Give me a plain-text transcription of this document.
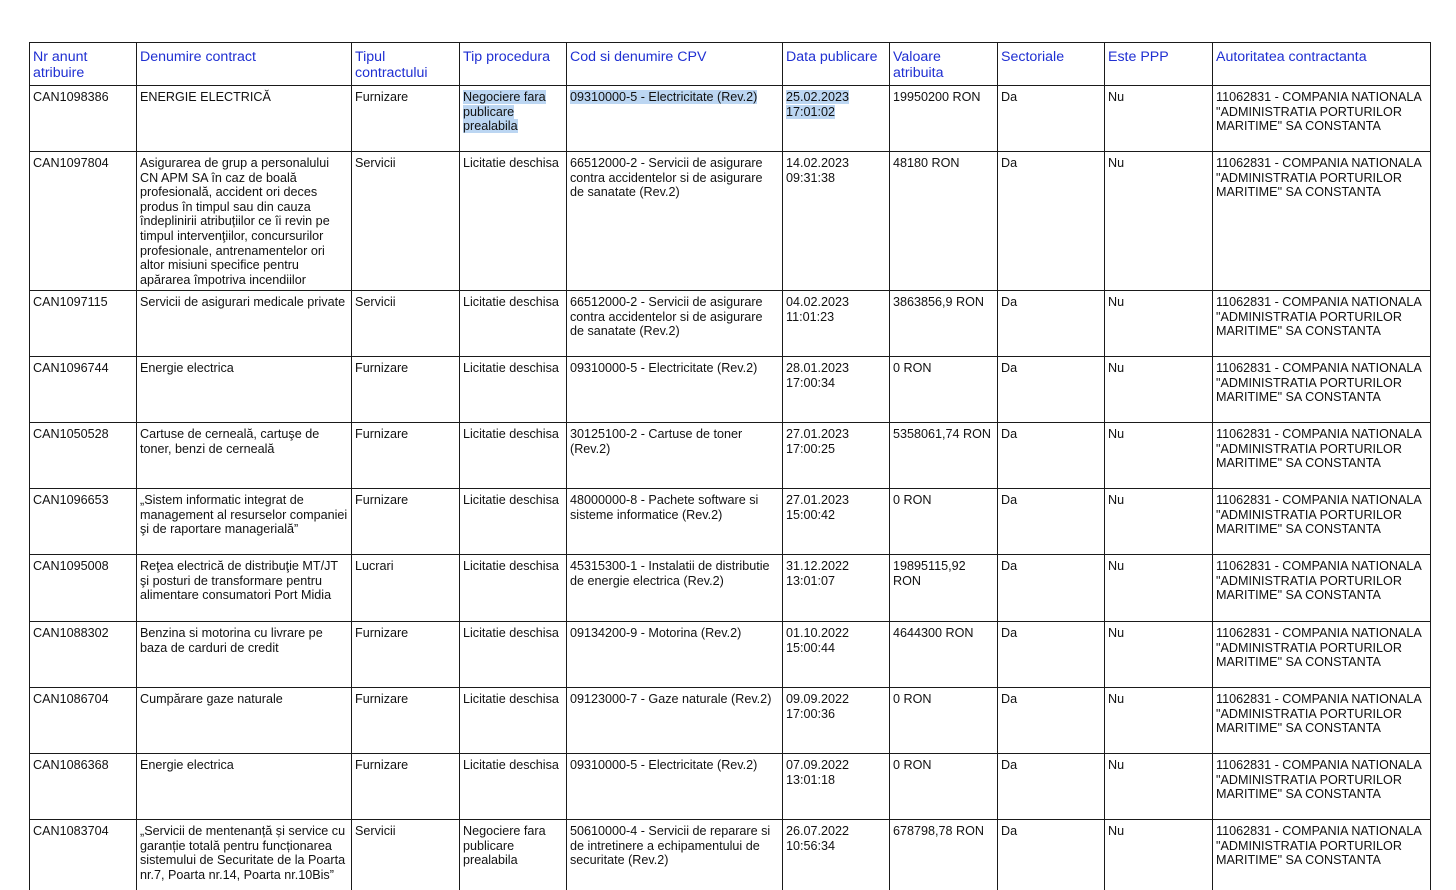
Nr anunt atribuire	Denumire contract	Tipul contractului	Tip procedura	Cod si denumire CPV	Data publicare	Valoare atribuita	Sectoriale	Este PPP	Autoritatea contractanta
CAN1098386	ENERGIE ELECTRICĂ	Furnizare	Negociere fara publicare prealabila	09310000-5 - Electricitate (Rev.2)	25.02.2023 17:01:02	19950200 RON	Da	Nu	11062831 - COMPANIA NATIONALA "ADMINISTRATIA PORTURILOR MARITIME" SA CONSTANTA
CAN1097804	Asigurarea de grup a personalului CN APM SA în caz de boală profesională, accident ori deces produs în timpul sau din cauza îndeplinirii atribuțiilor ce îi revin pe timpul intervenţiilor, concursurilor profesionale, antrenamentelor ori altor misiuni specifice pentru apărarea împotriva incendiilor	Servicii	Licitatie deschisa	66512000-2 - Servicii de asigurare contra accidentelor si de asigurare de sanatate (Rev.2)	14.02.2023 09:31:38	48180 RON	Da	Nu	11062831 - COMPANIA NATIONALA "ADMINISTRATIA PORTURILOR MARITIME" SA CONSTANTA
CAN1097115	Servicii de asigurari medicale private	Servicii	Licitatie deschisa	66512000-2 - Servicii de asigurare contra accidentelor si de asigurare de sanatate (Rev.2)	04.02.2023 11:01:23	3863856,9 RON	Da	Nu	11062831 - COMPANIA NATIONALA "ADMINISTRATIA PORTURILOR MARITIME" SA CONSTANTA
CAN1096744	Energie electrica	Furnizare	Licitatie deschisa	09310000-5 - Electricitate (Rev.2)	28.01.2023 17:00:34	0 RON	Da	Nu	11062831 - COMPANIA NATIONALA "ADMINISTRATIA PORTURILOR MARITIME" SA CONSTANTA
CAN1050528	Cartuse de cerneală, cartuşe de toner, benzi de cerneală	Furnizare	Licitatie deschisa	30125100-2 - Cartuse de toner (Rev.2)	27.01.2023 17:00:25	5358061,74 RON	Da	Nu	11062831 - COMPANIA NATIONALA "ADMINISTRATIA PORTURILOR MARITIME" SA CONSTANTA
CAN1096653	„Sistem informatic integrat de management al resurselor companiei şi de raportare managerială”	Furnizare	Licitatie deschisa	48000000-8 - Pachete software si sisteme informatice (Rev.2)	27.01.2023 15:00:42	0 RON	Da	Nu	11062831 - COMPANIA NATIONALA "ADMINISTRATIA PORTURILOR MARITIME" SA CONSTANTA
CAN1095008	Reţea electrică de distribuţie MT/JT şi posturi de transformare pentru alimentare consumatori Port Midia	Lucrari	Licitatie deschisa	45315300-1 - Instalatii de distributie de energie electrica (Rev.2)	31.12.2022 13:01:07	19895115,92 RON	Da	Nu	11062831 - COMPANIA NATIONALA "ADMINISTRATIA PORTURILOR MARITIME" SA CONSTANTA
CAN1088302	Benzina si motorina cu livrare pe baza de carduri de credit	Furnizare	Licitatie deschisa	09134200-9 - Motorina (Rev.2)	01.10.2022 15:00:44	4644300 RON	Da	Nu	11062831 - COMPANIA NATIONALA "ADMINISTRATIA PORTURILOR MARITIME" SA CONSTANTA
CAN1086704	Cumpărare gaze naturale	Furnizare	Licitatie deschisa	09123000-7 - Gaze naturale (Rev.2)	09.09.2022 17:00:36	0 RON	Da	Nu	11062831 - COMPANIA NATIONALA "ADMINISTRATIA PORTURILOR MARITIME" SA CONSTANTA
CAN1086368	Energie electrica	Furnizare	Licitatie deschisa	09310000-5 - Electricitate (Rev.2)	07.09.2022 13:01:18	0 RON	Da	Nu	11062831 - COMPANIA NATIONALA "ADMINISTRATIA PORTURILOR MARITIME" SA CONSTANTA
CAN1083704	„Servicii de mentenanță și service cu garanție totală pentru funcționarea sistemului de Securitate de la Poarta nr.7, Poarta nr.14, Poarta nr.10Bis”	Servicii	Negociere fara publicare prealabila	50610000-4 - Servicii de reparare si de intretinere a echipamentului de securitate (Rev.2)	26.07.2022 10:56:34	678798,78 RON	Da	Nu	11062831 - COMPANIA NATIONALA "ADMINISTRATIA PORTURILOR MARITIME" SA CONSTANTA
